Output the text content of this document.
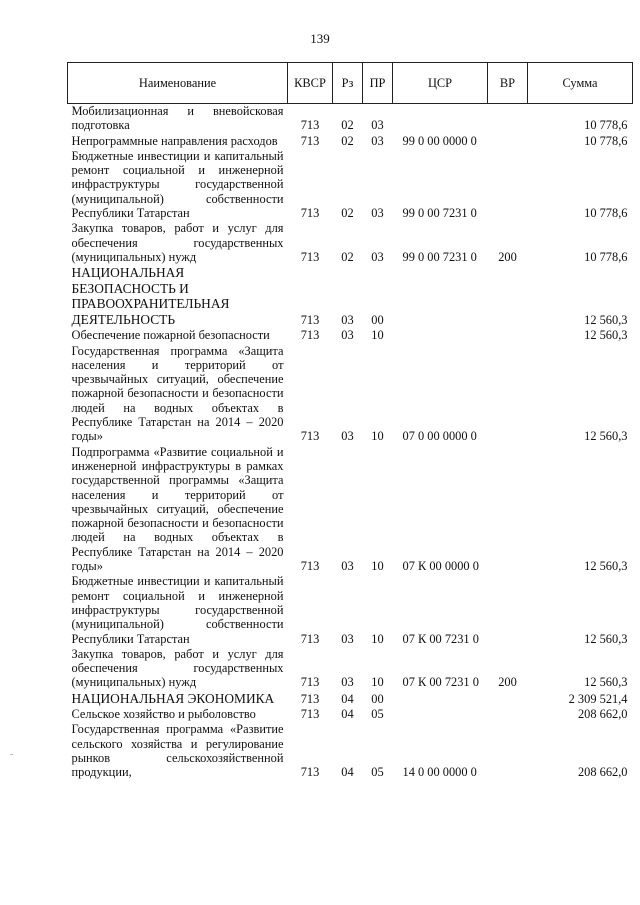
139
Наименование	КВСР	Рз	ПР	ЦСР	ВР	Сумма
Мобилизационная и вневойсковая подготовка	713	02	03			10 778,6
Непрограммные направления расходов	713	02	03	99 0 00 0000 0		10 778,6
Бюджетные инвестиции и капитальный ремонт социальной и инженерной инфраструктуры государственной (муниципальной) собственности Республики Татарстан	713	02	03	99 0 00 7231 0		10 778,6
Закупка товаров, работ и услуг для обеспечения государственных (муниципальных) нужд	713	02	03	99 0 00 7231 0	200	10 778,6
НАЦИОНАЛЬНАЯ БЕЗОПАСНОСТЬ И ПРАВООХРАНИТЕЛЬНАЯ ДЕЯТЕЛЬНОСТЬ	713	03	00			12 560,3
Обеспечение пожарной безопасности	713	03	10			12 560,3
Государственная программа «Защита населения и территорий от чрезвычайных ситуаций, обеспечение пожарной безопасности и безопасности людей на водных объектах в Республике Татарстан на 2014 – 2020 годы»	713	03	10	07 0 00 0000 0		12 560,3
Подпрограмма «Развитие социальной и инженерной инфраструктуры в рамках государственной программы «Защита населения и территорий от чрезвычайных ситуаций, обеспечение пожарной безопасности и безопасности людей на водных объектах в Республике Татарстан на 2014 – 2020 годы»	713	03	10	07 К 00 0000 0		12 560,3
Бюджетные инвестиции и капитальный ремонт социальной и инженерной инфраструктуры государственной (муниципальной) собственности Республики Татарстан	713	03	10	07 К 00 7231 0		12 560,3
Закупка товаров, работ и услуг для обеспечения государственных (муниципальных) нужд	713	03	10	07 К 00 7231 0	200	12 560,3
НАЦИОНАЛЬНАЯ ЭКОНОМИКА	713	04	00			2 309 521,4
Сельское хозяйство и рыболовство	713	04	05			208 662,0
Государственная программа «Развитие сельского хозяйства и регулирование рынков сельскохозяйственной продукции,	713	04	05	14 0 00 0000 0		208 662,0
